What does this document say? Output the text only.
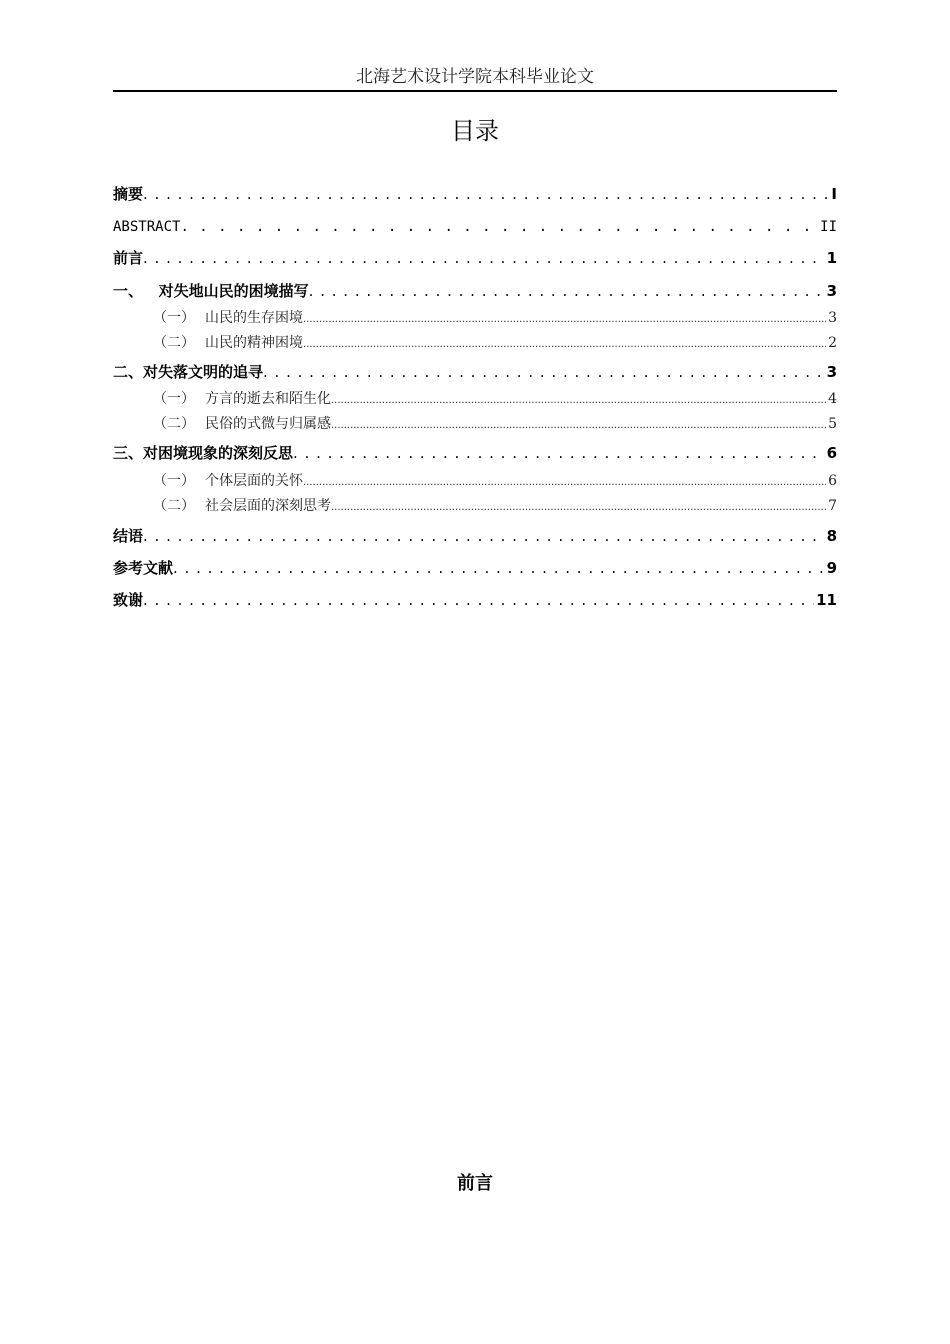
北海艺术设计学院本科毕业论文
目录
摘要 . . .	I
ABSTRACT . . .	II
前言 . . .	1
一、   对失地山民的困境描写 . . .	3
（一） 山民的生存困境 .....	3
（二） 山民的精神困境 .....	2
二、对失落文明的追寻 . . .	3
（一） 方言的逝去和陌生化 .....	4
（二） 民俗的式微与归属感 .....	5
三、对困境现象的深刻反思 . . .	6
（一） 个体层面的关怀 .....	6
（二） 社会层面的深刻思考 .....	7
结语 . . .	8
参考文献 . . .	9
致谢 . . .	11
前言
